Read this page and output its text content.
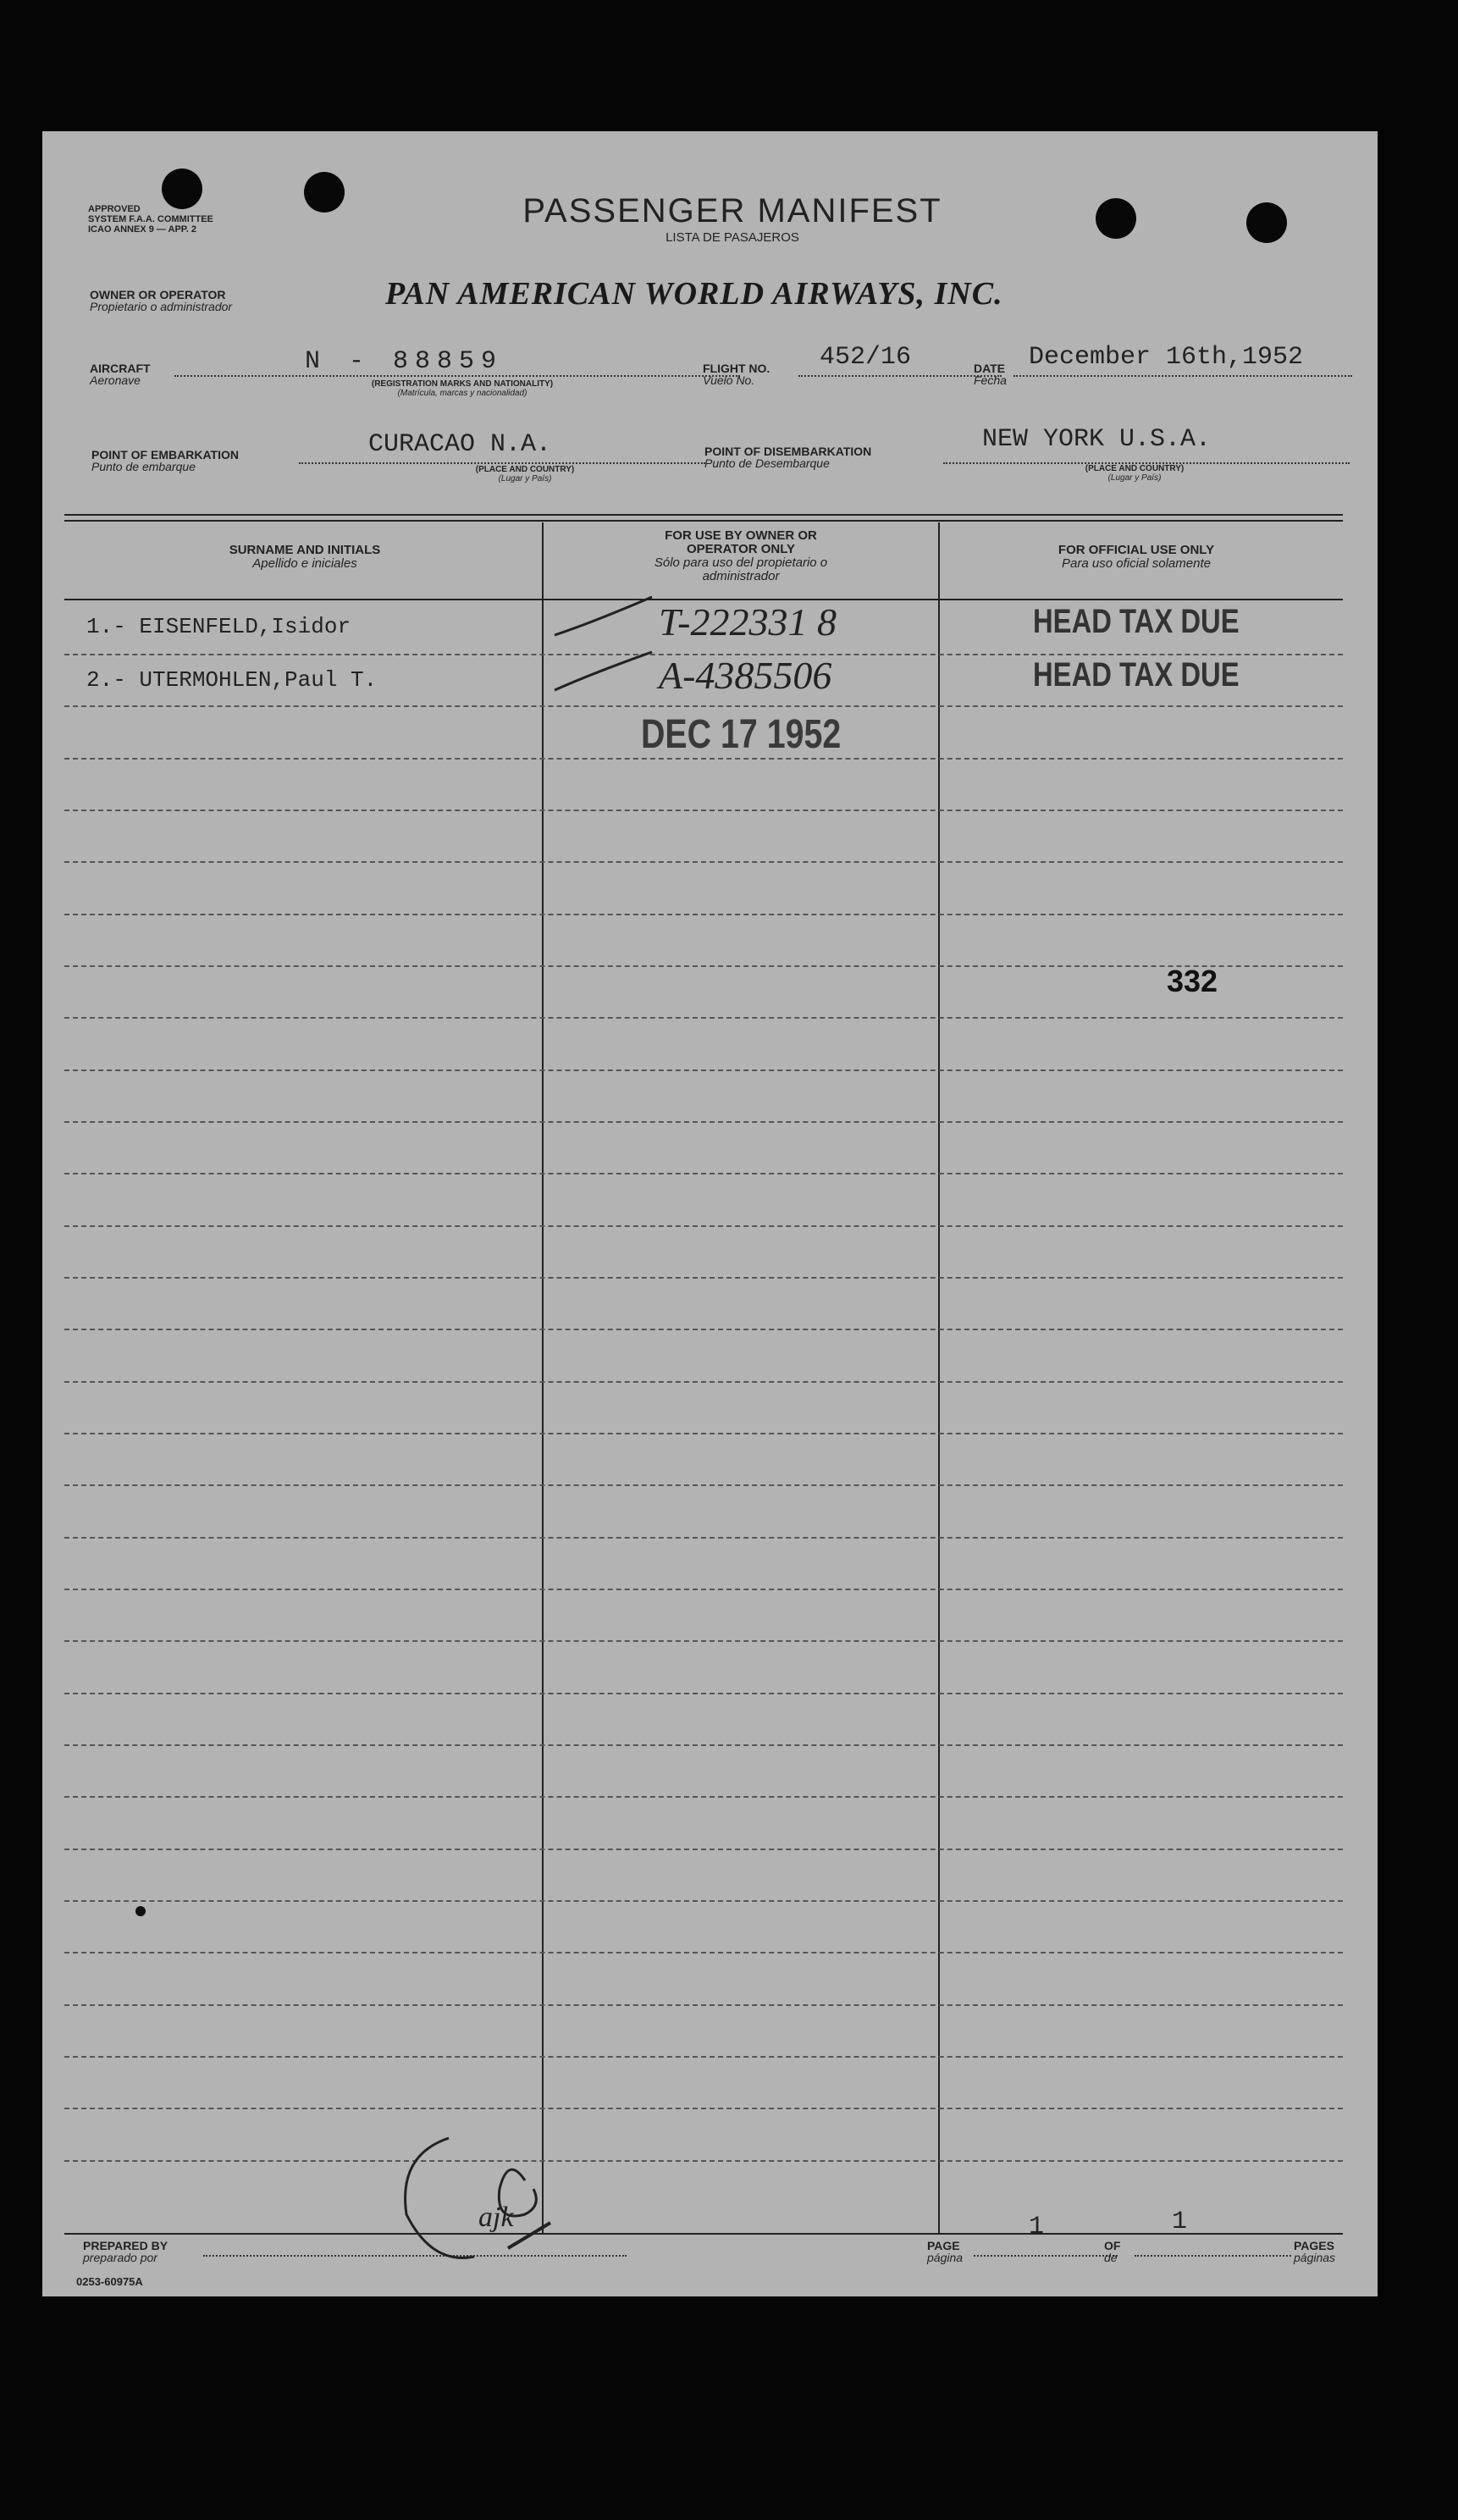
APPROVED
SYSTEM F.A.A. COMMITTEE
ICAO ANNEX 9 — APP. 2	PASSENGER MANIFEST
LISTA DE PASAJEROS
OWNER OR OPERATOR
Propietario o administrador	PAN AMERICAN WORLD AIRWAYS, INC.
AIRCRAFT
Aeronave
N - 88859
(REGISTRATION MARKS AND NATIONALITY)
(Matrícula, marcas y nacionalidad)
FLIGHT NO.
Vuelo No.
452/16	DATE
Fecha
December 16th,1952
POINT OF EMBARKATION
Punto de embarque
CURACAO N.A.
(PLACE AND COUNTRY)
(Lugar y País)
POINT OF DISEMBARKATION
Punto de Desembarque
NEW YORK U.S.A.
(PLACE AND COUNTRY)
(Lugar y País)
SURNAME AND INITIALS
Apellido e iniciales
FOR USE BY OWNER OR OPERATOR ONLY
Sólo para uso del propietario o administrador
FOR OFFICIAL USE ONLY
Para uso oficial solamente
1.- EISENFELD,Isidor	T-222331 8	HEAD TAX DUE
2.- UTERMOHLEN,Paul T.	A-4385506	HEAD TAX DUE
DEC 17 1952
332
PREPARED BY
preparado por
ajk
PAGE
página
1
OF
de
1
PAGES
páginas
0253-60975A
